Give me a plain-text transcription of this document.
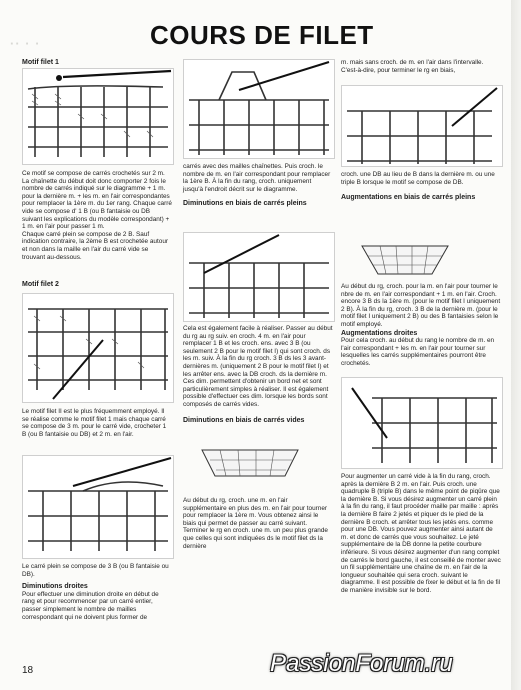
·· · ·	COURS DE FILET

Motif filet 1

Ce motif se compose de carrés crochetés sur 2 m. La chaînette du début doit donc comporter 2 fois le nombre de carrés indiqué sur le diagramme + 1 m. pour la dernière m. + les m. en l'air correspondantes pour remplacer la 1ère m. du 1er rang. Chaque carré vide se compose d' 1 B (ou B fantaisie ou DB suivant les explications du modèle correspondant) + 1 m. en l'air pour passer 1 m.

Chaque carré plein se compose de 2 B. Sauf indication contraire, la 2ème B est crochetée autour et non dans la maille en l'air du carré vide se trouvant au-dessous.

Motif filet 2

Le motif filet II est le plus fréquemment employé. Il se réalise comme le motif filet 1 mais chaque carré se compose de 3 m. pour le carré vide, crocheter 1 B (ou B fantaisie ou DB) et 2 m. en l'air.

Le carré plein se compose de 3 B (ou B fantaisie ou DB).

Diminutions droites

Pour effectuer une diminution droite en début de rang et pour recommencer par un carré entier, passer simplement le nombre de mailles correspondant qui ne doivent plus former de

carrés avec des mailles chaînettes. Puis croch. le nombre de m. en l'air correspondant pour remplacer la 1ère B. À la fin du rang, croch. uniquement jusqu'à l'endroit décrit sur le diagramme.

Diminutions en biais de carrés pleins

Cela est également facile à réaliser. Passer au début du rg au rg suiv. en croch. 4 m. en l'air pour remplacer 1 B et les croch. ens. avec 3 B (ou seulement 2 B pour le motif filet I) qui sont croch. ds les m. suiv. À la fin du rg croch. 3 B ds les 3 avant-dernières m. (uniquement 2 B pour le motif filet I) et les arrêter ens. avec la DB croch. ds la dernière m. Ces dim. permettent d'obtenir un bord net et sont particulièrement simples à réaliser. Il est également possible d'effectuer ces dim. lorsque les bords sont composés de carrés vides.

Diminutions en biais de carrés vides

Au début du rg, croch. une m. en l'air supplémentaire en plus des m. en l'air pour tourner pour remplacer la 1ère m. Vous obtenez ainsi le biais qui permet de passer au carré suivant. Terminer le rg en croch. une m. un peu plus grande que celles qui sont indiquées ds le motif filet ds la dernière

m. mais sans croch. de m. en l'air dans l'intervalle.

C'est-à-dire, pour terminer le rg en biais,

croch. une DB au lieu de B dans la dernière m. ou une triple B lorsque le motif se compose de DB.

Augmentations en biais de carrés pleins

Au début du rg, croch. pour la m. en l'air pour tourner le nbre de m. en l'air correspondant + 1 m. en l'air. Croch. encore 3 B ds la 1ère m. (pour le motif filet I uniquement 2 B). À la fin du rg, croch. 3 B de la dernière m. (pour le motif filet I uniquement 2 B) ou des B fantaisies selon le motif employé.

Augmentations droites

Pour cela croch. au début du rang le nombre de m. en l'air correspondant + les m. en l'air pour tourner sur lesquelles les carrés supplémentaires pourront être crochetés.

Pour augmenter un carré vide à la fin du rang, croch. après la dernière B 2 m. en l'air. Puis croch. une quadruple B (triple B) dans le même point de piqûre que la dernière B. Si vous désirez augmenter un carré plein à la fin du rang, il faut procéder maille par maille : après la dernière B faire 2 jetés et piquer ds le pied de la dernière B croch. et arrêter tous les jetés ens. comme pour une DB. Vous pouvez augmenter ainsi autant de m. et donc de carrés que vous souhaitez. Le jeté supplémentaire de la DB donne la petite courbure inférieure. Si vous désirez augmenter d'un rang complet de carrés le bord gauche, il est conseillé de monter avec un fil supplémentaire une chaîne de m. en l'air de la longueur souhaitée qui sera croch. suivant le diagramme. Il est possible de fixer le début et la fin de fil de manière invisible sur le bord.

18	PassionForum.ru
